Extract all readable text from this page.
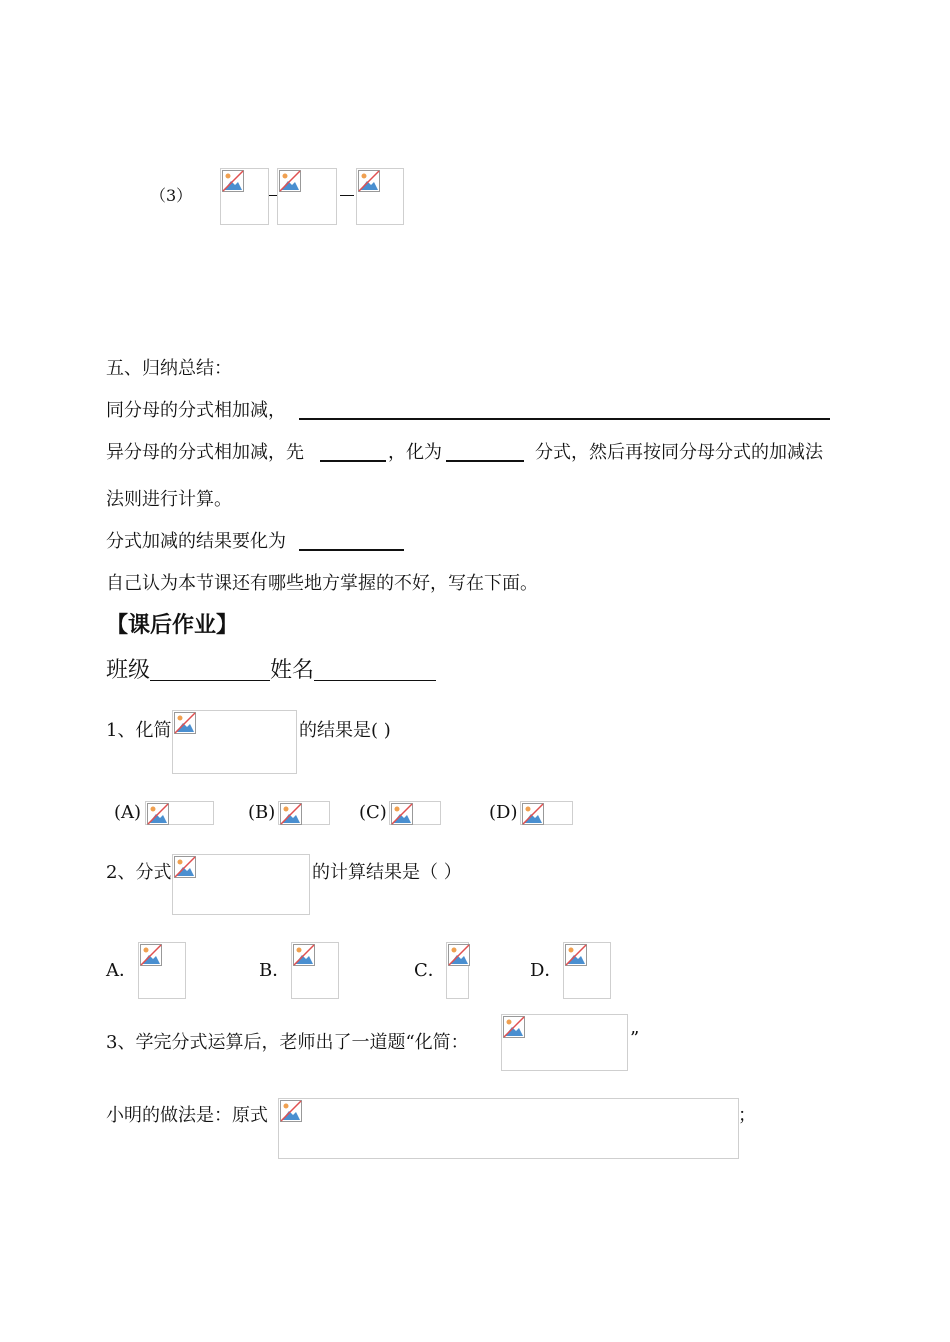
（3）
五、归纳总结：
同分母的分式相加减，
异分母的分式相加减，先	，化为	分式，然后再按同分母分式的加减法
法则进行计算。
分式加减的结果要化为
自己认为本节课还有哪些地方掌握的不好，写在下面。
【课后作业】
班级	姓名
1、化简	的结果是( )
(A)	(B)	(C)	(D)
2、分式	的计算结果是（ ）
A．	B．	C．	D．
3、学完分式运算后，老师出了一道题“化简：	”
小明的做法是：原式	；
